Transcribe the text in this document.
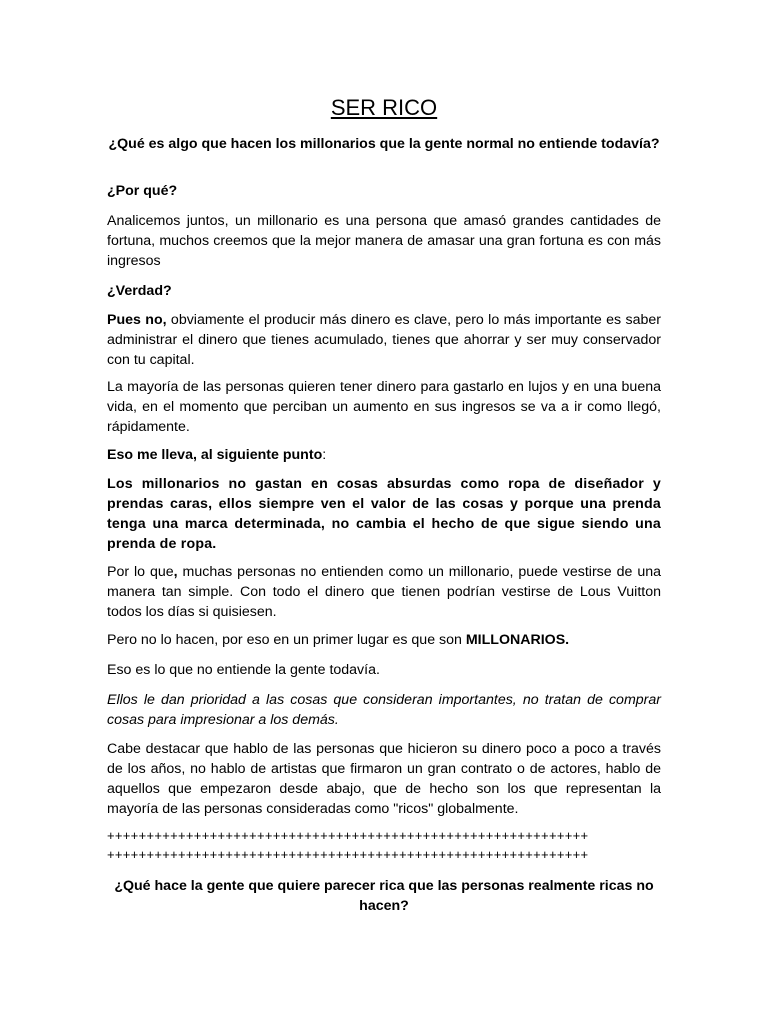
SER RICO
¿Qué es algo que hacen los millonarios que la gente normal no entiende todavía?
¿Por qué?
Analicemos juntos, un millonario es una persona que amasó grandes cantidades de fortuna, muchos creemos que la mejor manera de amasar una gran fortuna es con más ingresos
¿Verdad?
Pues no, obviamente el producir más dinero es clave, pero lo más importante es saber administrar el dinero que tienes acumulado, tienes que ahorrar y ser muy conservador con tu capital.
La mayoría de las personas quieren tener dinero para gastarlo en lujos y en una buena vida, en el momento que perciban un aumento en sus ingresos se va a ir como llegó, rápidamente.
Eso me lleva, al siguiente punto:
Los millonarios no gastan en cosas absurdas como ropa de diseñador y prendas caras, ellos siempre ven el valor de las cosas y porque una prenda tenga una marca determinada, no cambia el hecho de que sigue siendo una prenda de ropa.
Por lo que, muchas personas no entienden como un millonario, puede vestirse de una manera tan simple. Con todo el dinero que tienen podrían vestirse de Lous Vuitton todos los días si quisiesen.
Pero no lo hacen, por eso en un primer lugar es que son MILLONARIOS.
Eso es lo que no entiende la gente todavía.
Ellos le dan prioridad a las cosas que consideran importantes, no tratan de comprar cosas para impresionar a los demás.
Cabe destacar que hablo de las personas que hicieron su dinero poco a poco a través de los años, no hablo de artistas que firmaron un gran contrato o de actores, hablo de aquellos que empezaron desde abajo, que de hecho son los que representan la mayoría de las personas consideradas como "ricos" globalmente.
+++++++++++++++++++++++++++++++++++++++++++++++++++++++++++++
+++++++++++++++++++++++++++++++++++++++++++++++++++++++++++++
¿Qué hace la gente que quiere parecer rica que las personas realmente ricas no hacen?
